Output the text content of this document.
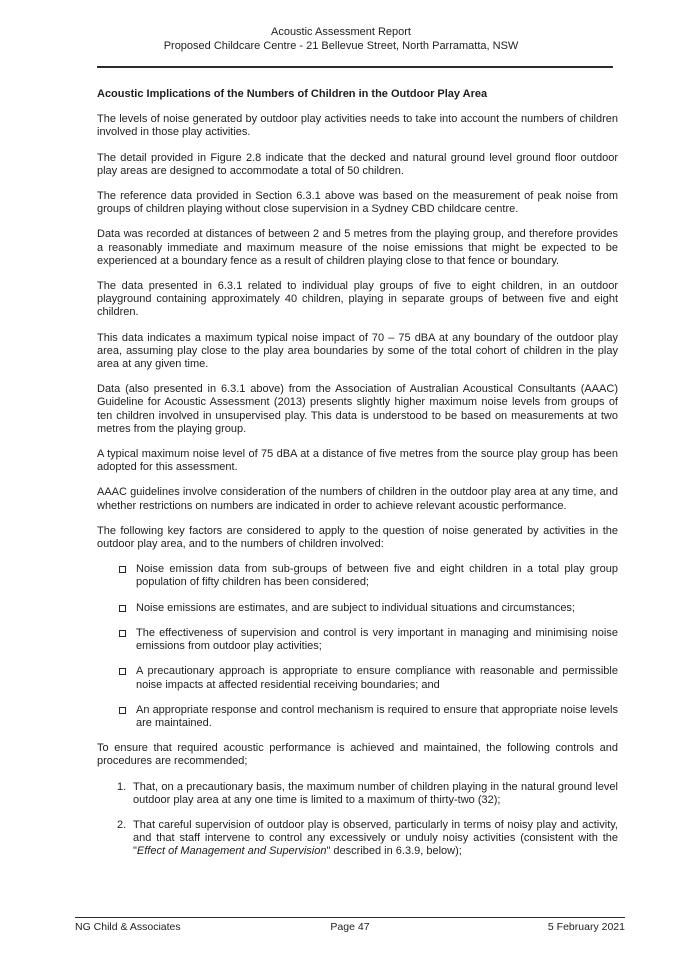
Acoustic Assessment Report
Proposed Childcare Centre - 21 Bellevue Street, North Parramatta, NSW
Acoustic Implications of the Numbers of Children in the Outdoor Play Area

The levels of noise generated by outdoor play activities needs to take into account the numbers of children involved in those play activities.

The detail provided in Figure 2.8 indicate that the decked and natural ground level ground floor outdoor play areas are designed to accommodate a total of 50 children.

The reference data provided in Section 6.3.1 above was based on the measurement of peak noise from groups of children playing without close supervision in a Sydney CBD childcare centre.

Data was recorded at distances of between 2 and 5 metres from the playing group, and therefore provides a reasonably immediate and maximum measure of the noise emissions that might be expected to be experienced at a boundary fence as a result of children playing close to that fence or boundary.

The data presented in 6.3.1 related to individual play groups of five to eight children, in an outdoor playground containing approximately 40 children, playing in separate groups of between five and eight children.

This data indicates a maximum typical noise impact of 70 – 75 dBA at any boundary of the outdoor play area, assuming play close to the play area boundaries by some of the total cohort of children in the play area at any given time.

Data (also presented in 6.3.1 above) from the Association of Australian Acoustical Consultants (AAAC) Guideline for Acoustic Assessment (2013) presents slightly higher maximum noise levels from groups of ten children involved in unsupervised play. This data is understood to be based on measurements at two metres from the playing group.

A typical maximum noise level of 75 dBA at a distance of five metres from the source play group has been adopted for this assessment.

AAAC guidelines involve consideration of the numbers of children in the outdoor play area at any time, and whether restrictions on numbers are indicated in order to achieve relevant acoustic performance.

The following key factors are considered to apply to the question of noise generated by activities in the outdoor play area, and to the numbers of children involved:

Noise emission data from sub-groups of between five and eight children in a total play group population of fifty children has been considered;
Noise emissions are estimates, and are subject to individual situations and circumstances;
The effectiveness of supervision and control is very important in managing and minimising noise emissions from outdoor play activities;
A precautionary approach is appropriate to ensure compliance with reasonable and permissible noise impacts at affected residential receiving boundaries; and
An appropriate response and control mechanism is required to ensure that appropriate noise levels are maintained.

To ensure that required acoustic performance is achieved and maintained, the following controls and procedures are recommended;

1. That, on a precautionary basis, the maximum number of children playing in the natural ground level outdoor play area at any one time is limited to a maximum of thirty-two (32);
2. That careful supervision of outdoor play is observed, particularly in terms of noisy play and activity, and that staff intervene to control any excessively or unduly noisy activities (consistent with the "Effect of Management and Supervision" described in 6.3.9, below);
NG Child & Associates	Page 47	5 February 2021
